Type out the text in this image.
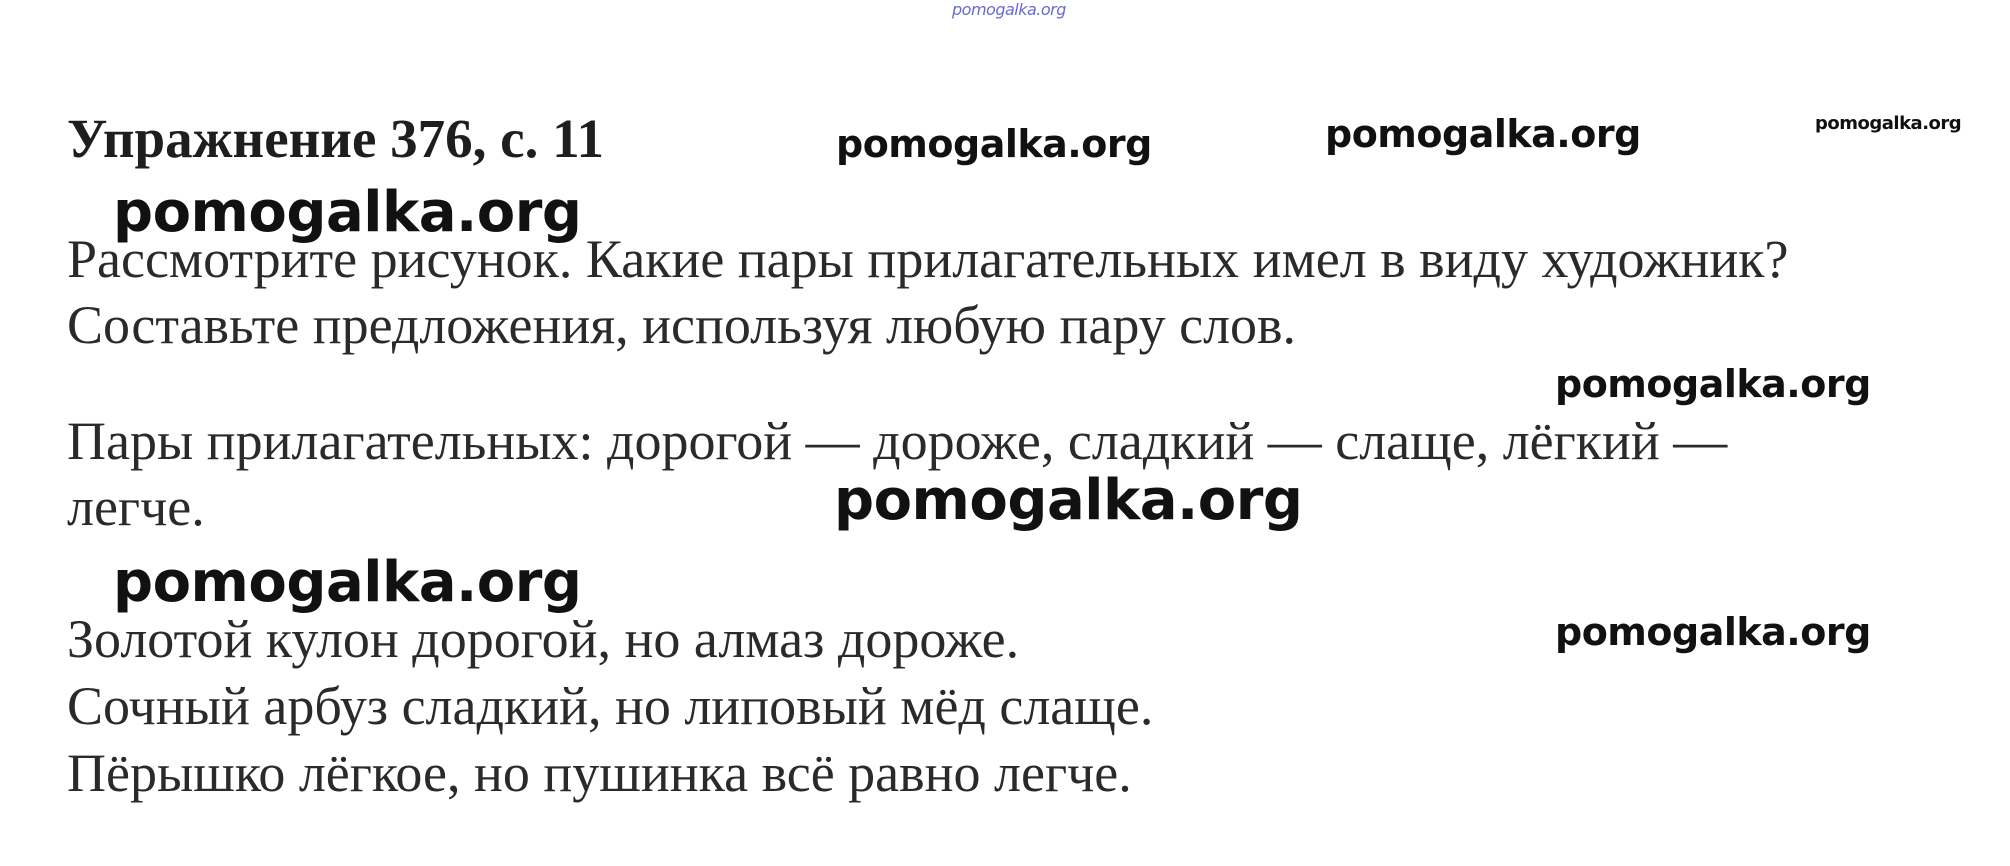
pomogalka.org
Упражнение 376, с. 11	pomogalka.org	pomogalka.org	pomogalka.org
pomogalka.org
Рассмотрите рисунок. Какие пары прилагательных имел в виду художник?
Составьте предложения, используя любую пару слов.
pomogalka.org
Пары прилагательных: дорогой — дороже, сладкий — слаще, лёгкий —
легче.	pomogalka.org
pomogalka.org
pomogalka.org
Золотой кулон дорогой, но алмаз дороже.
Сочный арбуз сладкий, но липовый мёд слаще.
Пёрышко лёгкое, но пушинка всё равно легче.
